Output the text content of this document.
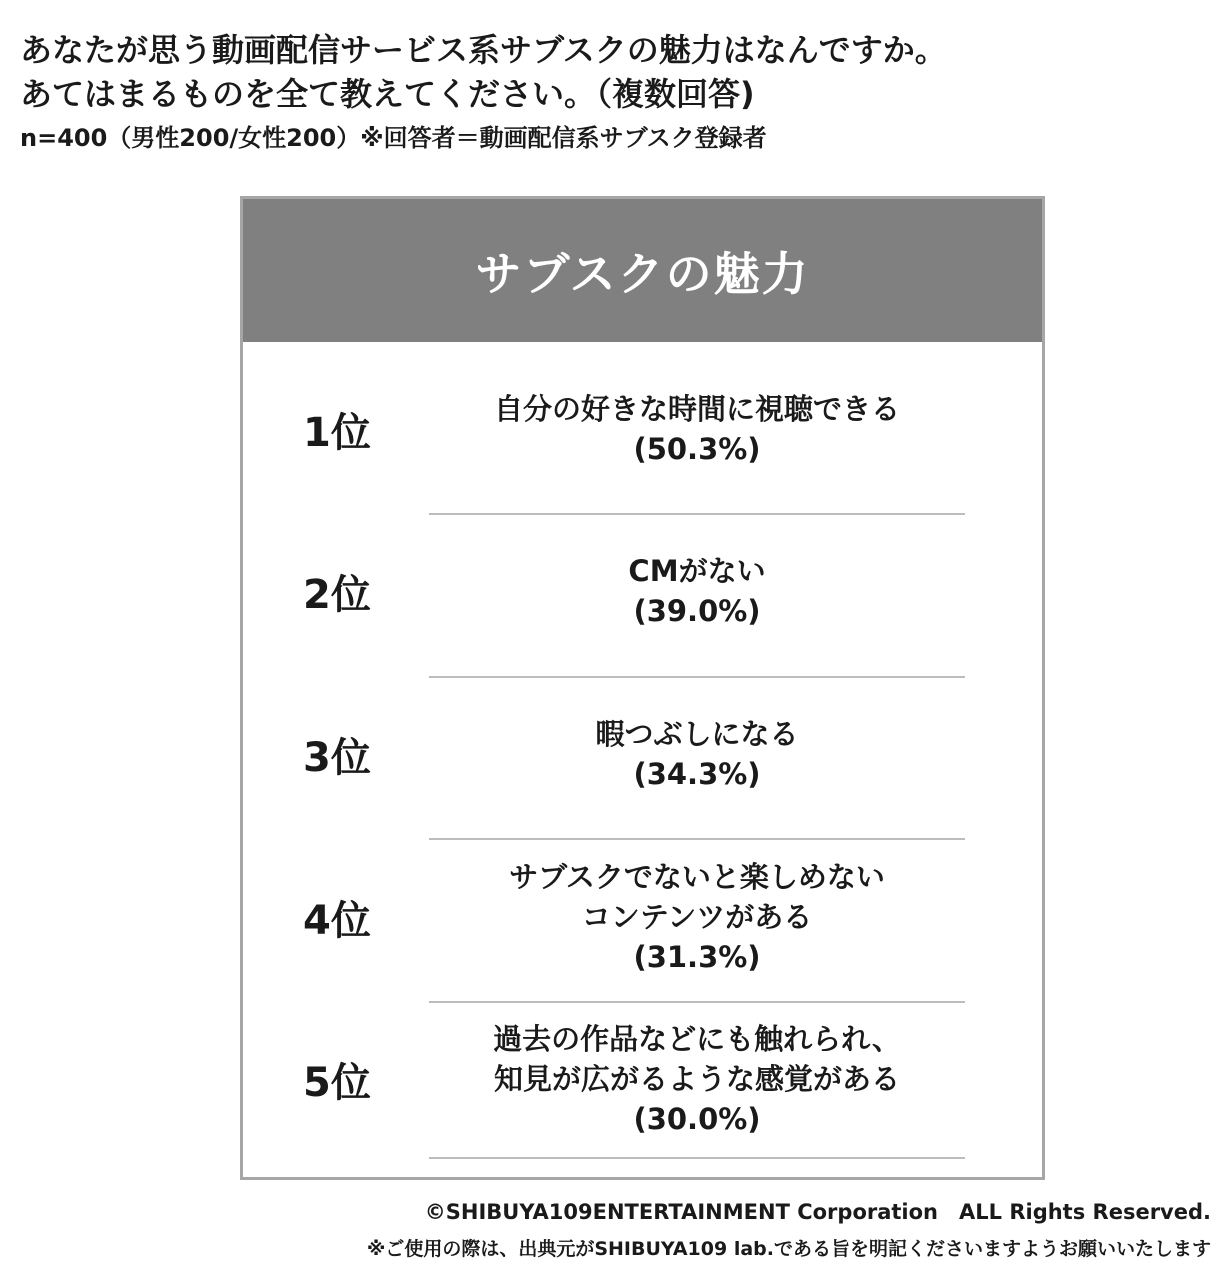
あなたが思う動画配信サービス系サブスクの魅力はなんですか。
あてはまるものを全て教えてください。（複数回答)
n=400（男性200/女性200）※回答者＝動画配信系サブスク登録者
サブスクの魅力
1位
自分の好きな時間に視聴できる
(50.3%)
2位
CMがない
(39.0%)
3位
暇つぶしになる
(34.3%)
4位
サブスクでないと楽しめない
コンテンツがある
(31.3%)
5位
過去の作品などにも触れられ、
知見が広がるような感覚がある
(30.0%)
©SHIBUYA109ENTERTAINMENT Corporation　ALL Rights Reserved.
※ご使用の際は、出典元がSHIBUYA109 lab.である旨を明記くださいますようお願いいたします
